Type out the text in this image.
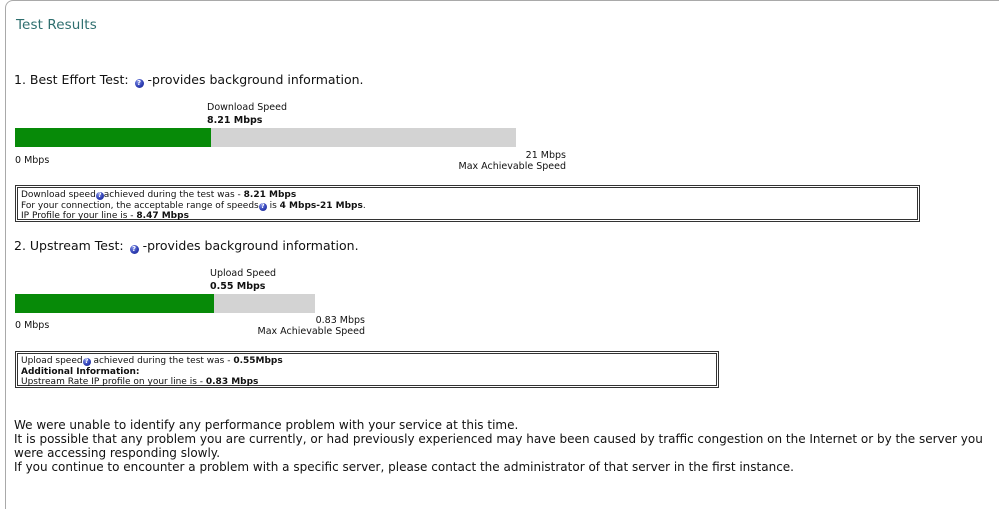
Test Results
1. Best Effort Test: ? -provides background information.
Download Speed
8.21 Mbps
0 Mbps	21 Mbps
Max Achievable Speed
Download speed ? achieved during the test was - 8.21 Mbps
For your connection, the acceptable range of speeds ? is 4 Mbps-21 Mbps.
IP Profile for your line is - 8.47 Mbps
2. Upstream Test: ? -provides background information.
Upload Speed
0.55 Mbps
0 Mbps	0.83 Mbps
Max Achievable Speed
Upload speed ? achieved during the test was - 0.55Mbps
Additional Information:
Upstream Rate IP profile on your line is - 0.83 Mbps
We were unable to identify any performance problem with your service at this time.
It is possible that any problem you are currently, or had previously experienced may have been caused by traffic congestion on the Internet or by the server you were accessing responding slowly.
If you continue to encounter a problem with a specific server, please contact the administrator of that server in the first instance.
